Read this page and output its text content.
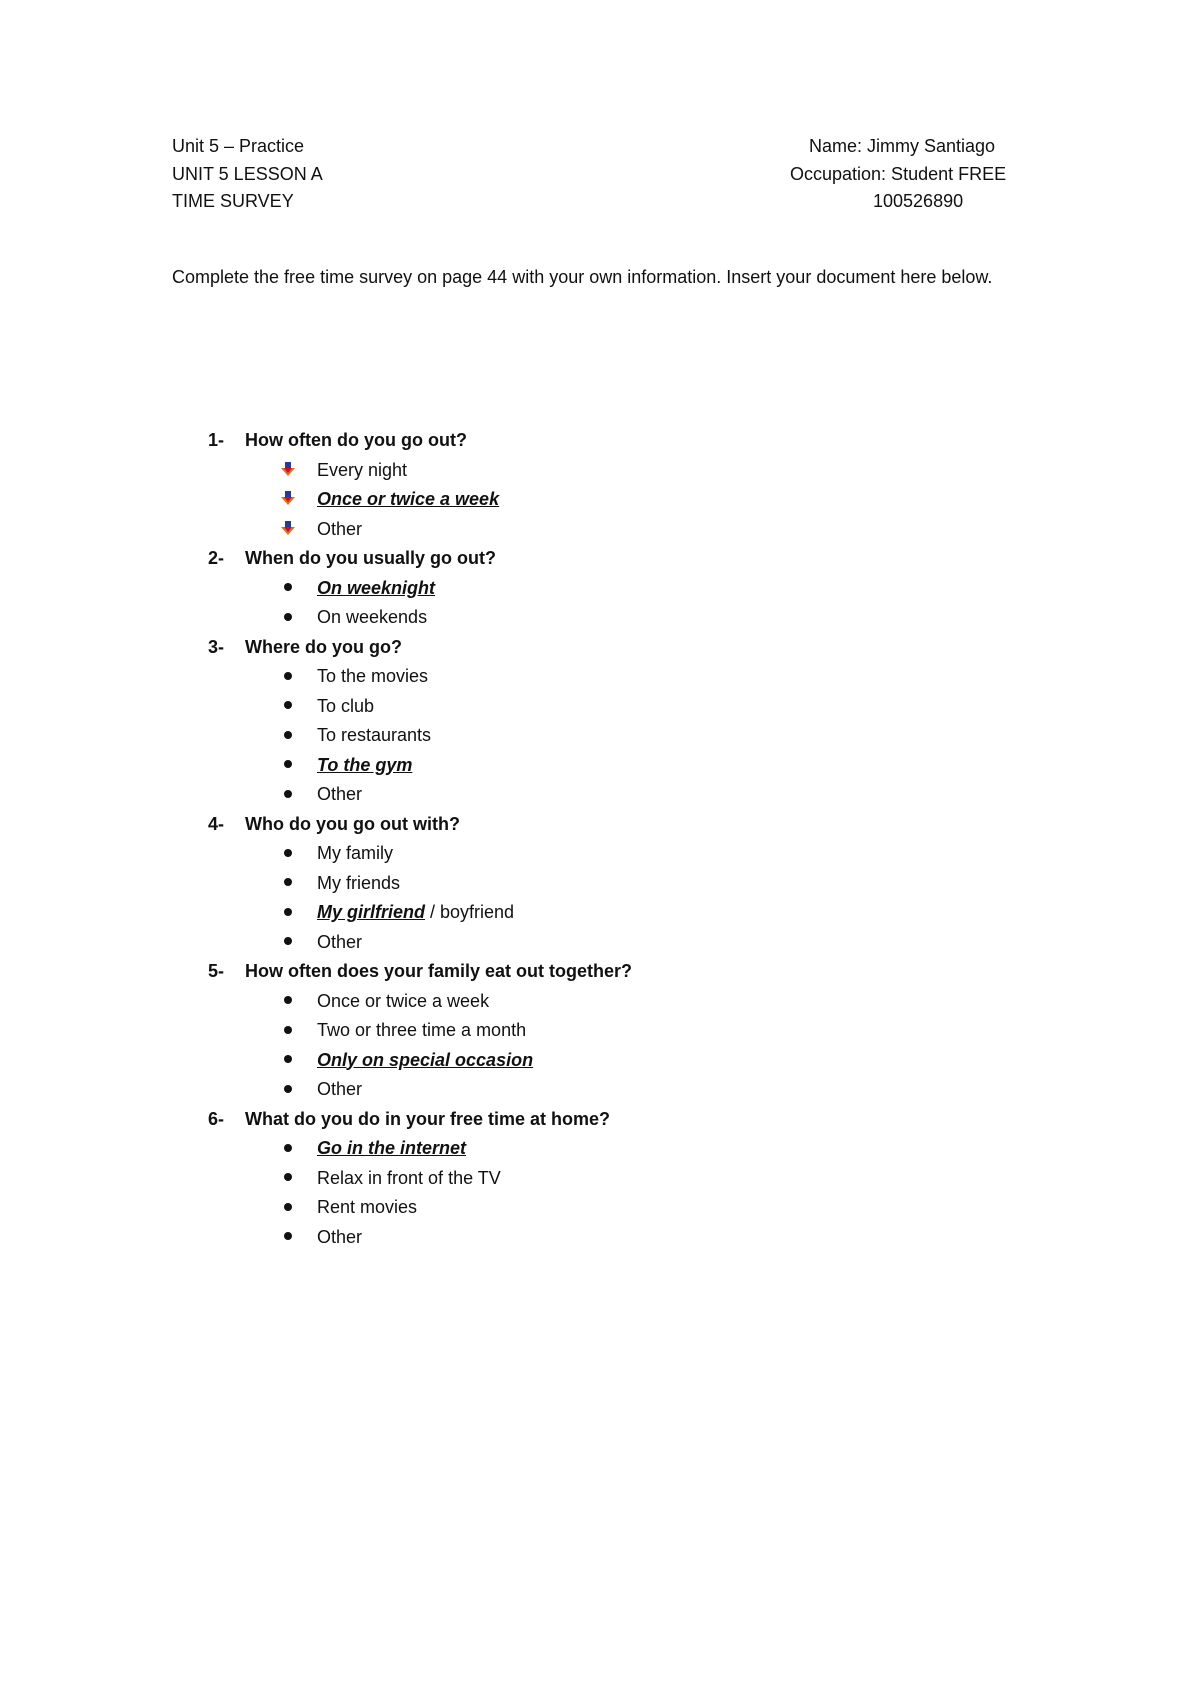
Unit 5 – Practice
UNIT 5 LESSON A
TIME SURVEY
Name: Jimmy Santiago
Occupation: Student FREE
100526890
Complete the free time survey on page 44 with your own information. Insert your document here below.
1- How often do you go out?
Every night
Once or twice a week
Other
2- When do you usually go out?
On weeknight
On weekends
3- Where do you go?
To the movies
To club
To restaurants
To the gym
Other
4- Who do you go out with?
My family
My friends
My girlfriend / boyfriend
Other
5- How often does your family eat out together?
Once or twice a week
Two or three time a month
Only on special occasion
Other
6- What do you do in your free time at home?
Go in the internet
Relax in front of the TV
Rent movies
Other
